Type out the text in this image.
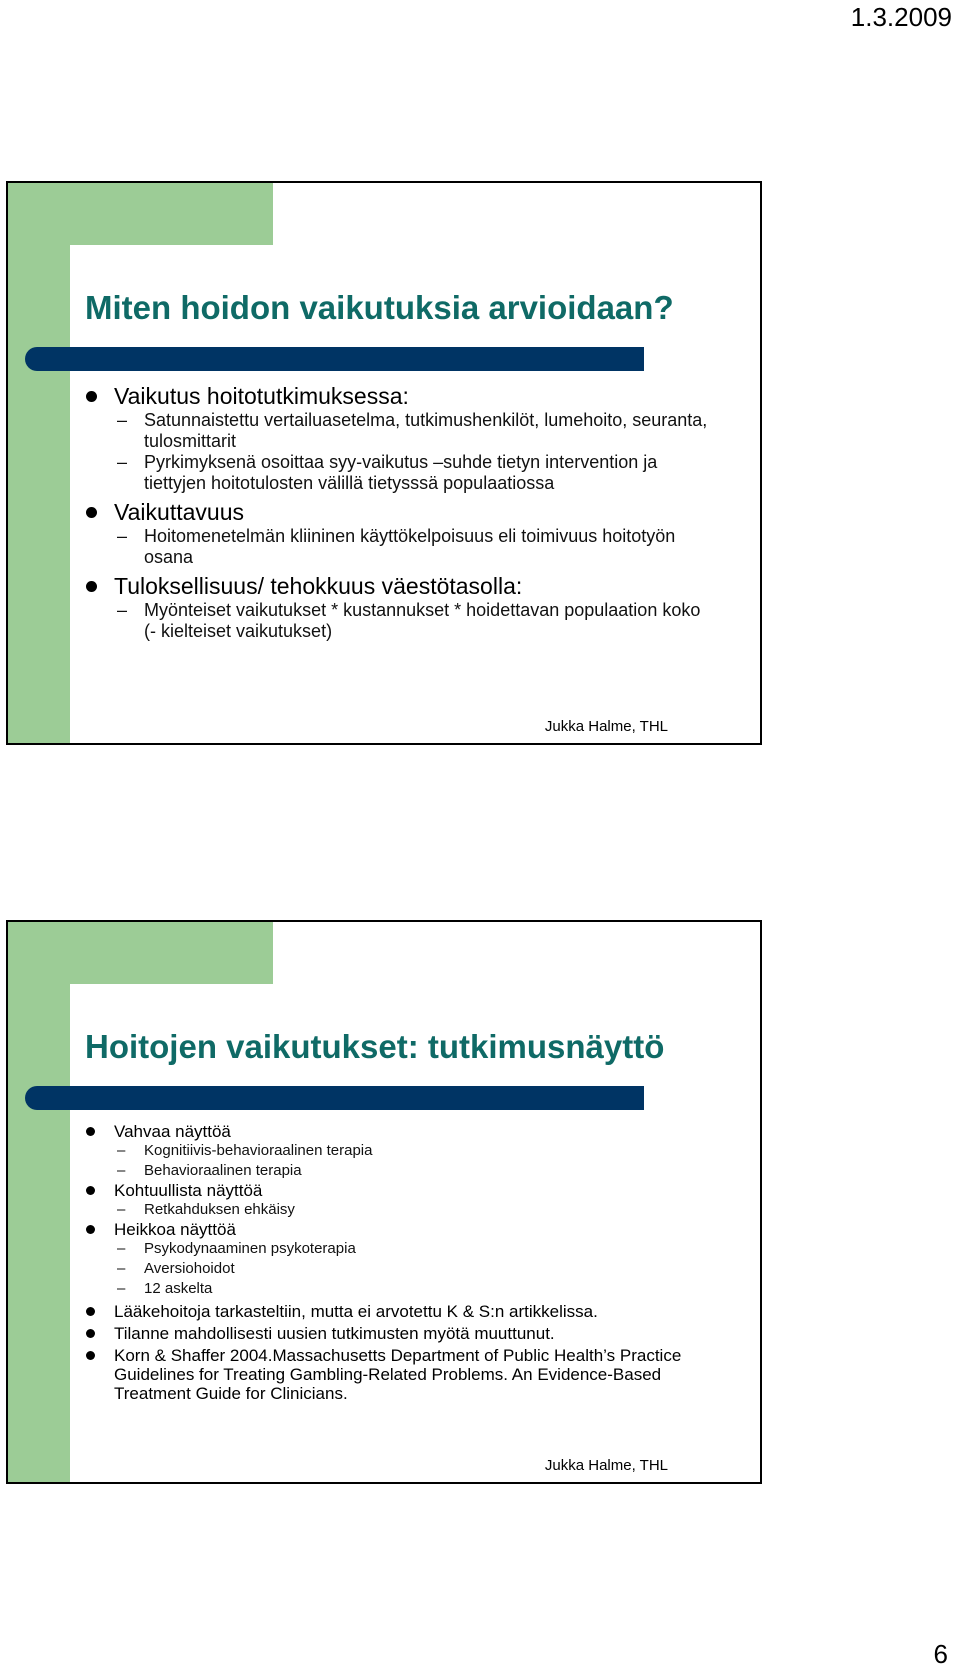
1.3.2009
Miten hoidon vaikutuksia arvioidaan?

Vaikutus hoitotutkimuksessa:

– Satunnaistettu vertailuasetelma, tutkimushenkilöt, lumehoito, seuranta, tulosmittarit

– Pyrkimyksenä osoittaa syy-vaikutus –suhde tietyn intervention ja tiettyjen hoitotulosten välillä tietysssä populaatiossa

Vaikuttavuus

– Hoitomenetelmän kliininen käyttökelpoisuus eli toimivuus hoitotyön osana

Tuloksellisuus/ tehokkuus väestötasolla:

– Myönteiset vaikutukset * kustannukset * hoidettavan populaation koko (- kielteiset vaikutukset)

Jukka Halme, THL
Hoitojen vaikutukset: tutkimusnäyttö

Vahvaa näyttöä

– Kognitiivis-behavioraalinen terapia

– Behavioraalinen terapia

Kohtuullista näyttöä

– Retkahduksen ehkäisy

Heikkoa näyttöä

– Psykodynaaminen psykoterapia

– Aversiohoidot

– 12 askelta

Lääkehoitoja tarkasteltiin, mutta ei arvotettu K & S:n artikkelissa.

Tilanne mahdollisesti uusien tutkimusten myötä muuttunut.

Korn & Shaffer 2004.Massachusetts Department of Public Health’s Practice Guidelines for Treating Gambling-Related Problems. An Evidence-Based Treatment Guide for Clinicians.

Jukka Halme, THL
6
